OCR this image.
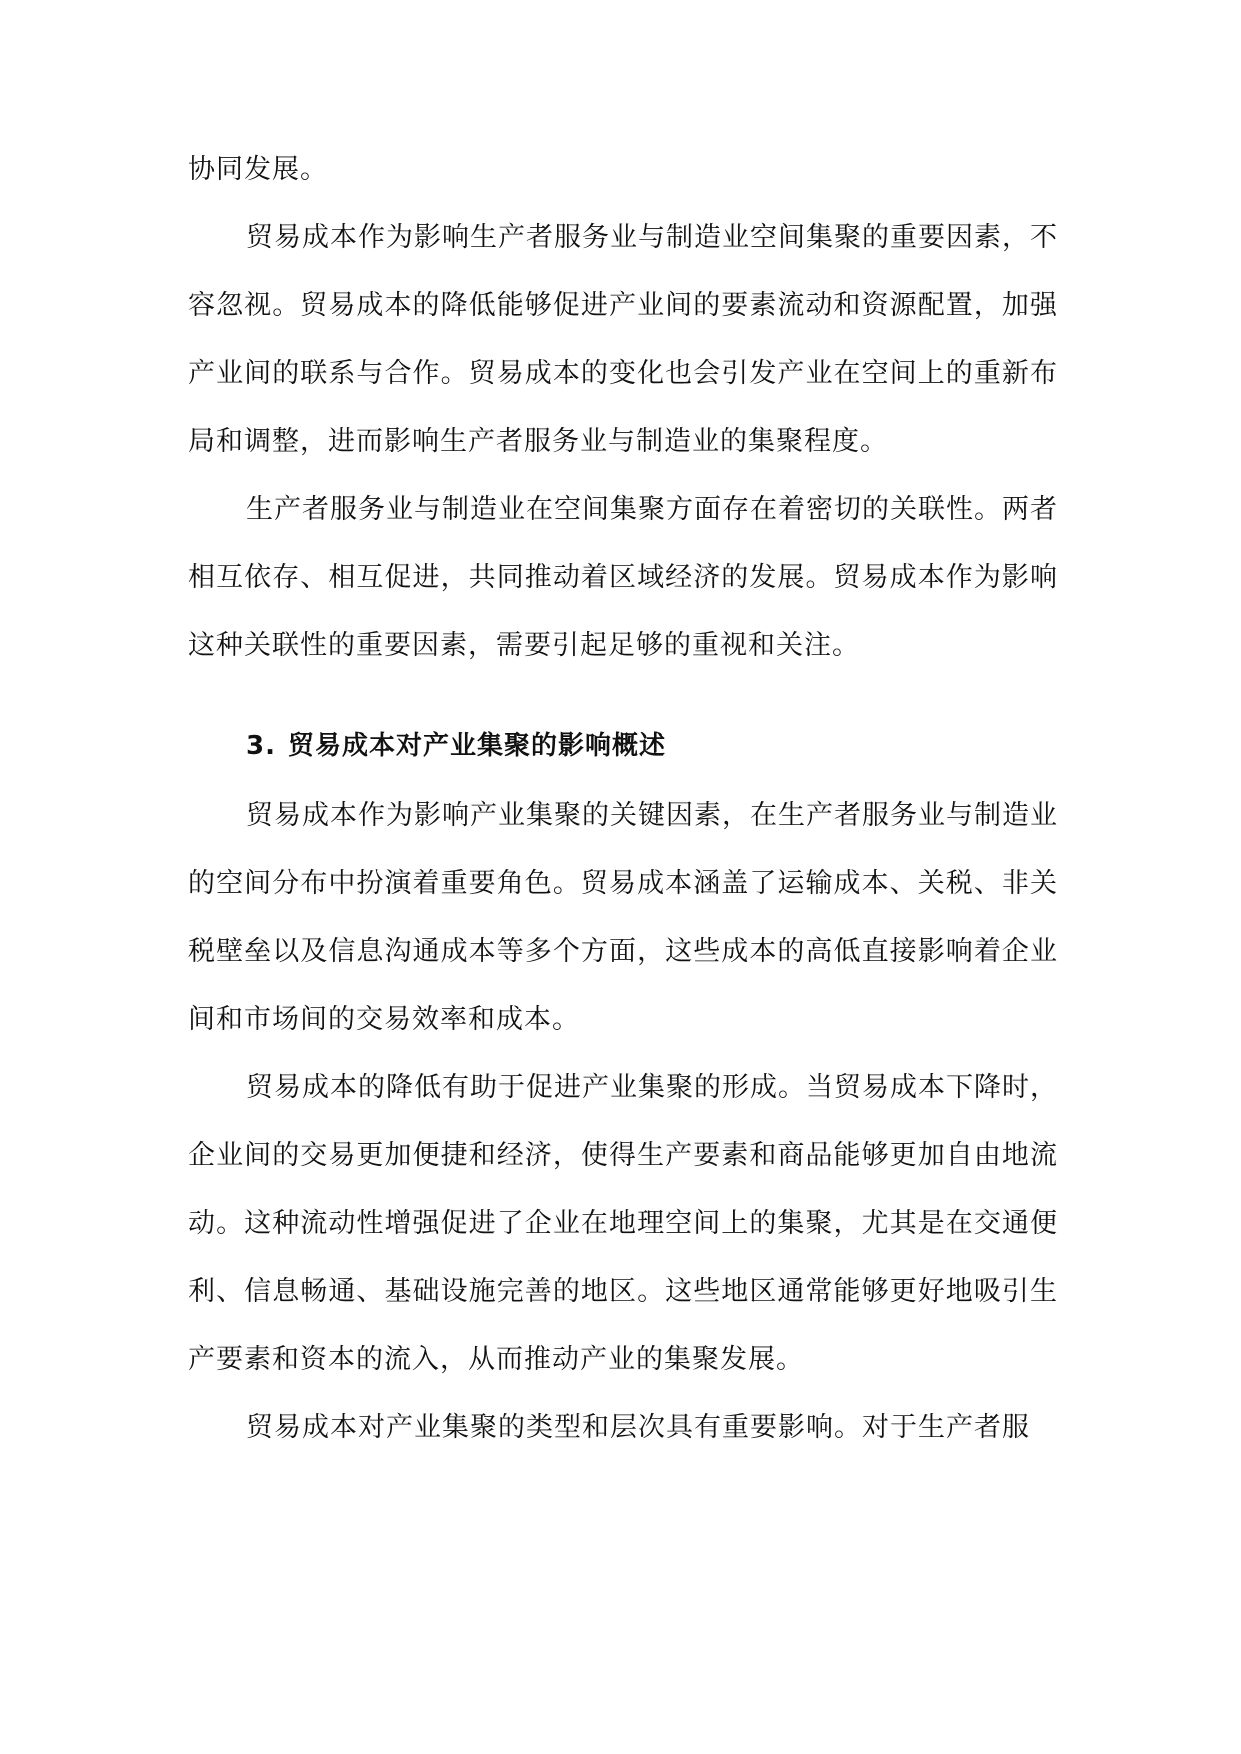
协同发展。

贸易成本作为影响生产者服务业与制造业空间集聚的重要因素，不容忽视。贸易成本的降低能够促进产业间的要素流动和资源配置，加强产业间的联系与合作。贸易成本的变化也会引发产业在空间上的重新布局和调整，进而影响生产者服务业与制造业的集聚程度。

生产者服务业与制造业在空间集聚方面存在着密切的关联性。两者相互依存、相互促进，共同推动着区域经济的发展。贸易成本作为影响这种关联性的重要因素，需要引起足够的重视和关注。

3. 贸易成本对产业集聚的影响概述

贸易成本作为影响产业集聚的关键因素，在生产者服务业与制造业的空间分布中扮演着重要角色。贸易成本涵盖了运输成本、关税、非关税壁垒以及信息沟通成本等多个方面，这些成本的高低直接影响着企业间和市场间的交易效率和成本。

贸易成本的降低有助于促进产业集聚的形成。当贸易成本下降时，企业间的交易更加便捷和经济，使得生产要素和商品能够更加自由地流动。这种流动性增强促进了企业在地理空间上的集聚，尤其是在交通便利、信息畅通、基础设施完善的地区。这些地区通常能够更好地吸引生产要素和资本的流入，从而推动产业的集聚发展。

贸易成本对产业集聚的类型和层次具有重要影响。对于生产者服
